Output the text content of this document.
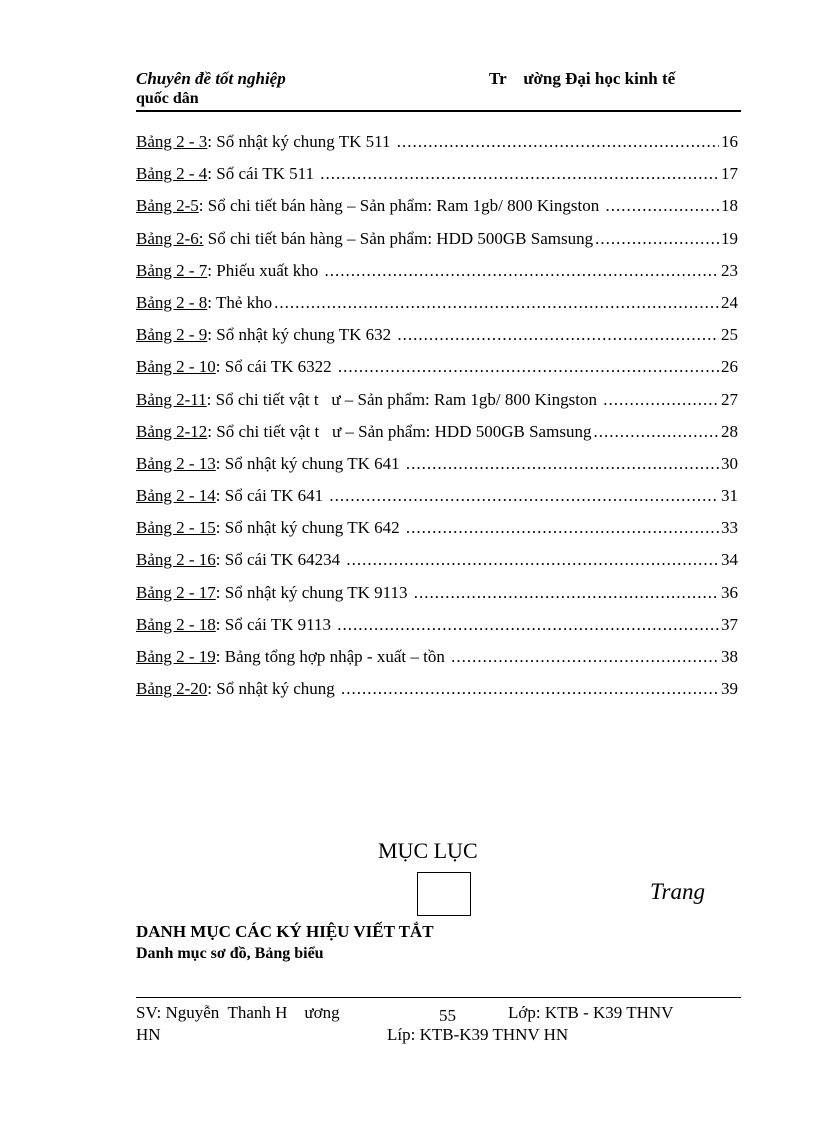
Chuyên đề tốt nghiệp	Tr    ường Đại học kinh tế
quốc dân
Bảng 2 - 3 : Sổ nhật ký chung TK 511 .....	16
Bảng 2 - 4 : Sổ cái TK 511 .....	17
Bảng 2-5 : Sổ chi tiết bán hàng – Sản phẩm: Ram 1gb/ 800 Kingston .....	18
Bảng 2-6: Sổ chi tiết bán hàng – Sản phẩm: HDD 500GB Samsung .....	19
Bảng 2 - 7 : Phiếu xuất kho .....	23
Bảng 2 - 8 : Thẻ kho .....	24
Bảng 2 - 9 : Sổ nhật ký chung TK 632 .....	25
Bảng 2 - 10 : Sổ cái TK 6322 .....	26
Bảng 2-11 : Sổ chi tiết vật t   ư – Sản phẩm: Ram 1gb/ 800 Kingston .....	27
Bảng 2-12 : Sổ chi tiết vật t   ư – Sản phẩm: HDD 500GB Samsung .....	28
Bảng 2 - 13 : Sổ nhật ký chung TK 641 .....	30
Bảng 2 - 14 : Sổ cái TK 641 .....	31
Bảng 2 - 15 : Sổ nhật ký chung TK 642 .....	33
Bảng 2 - 16 : Sổ cái TK 64234 .....	34
Bảng 2 - 17 : Sổ nhật ký chung TK 9113 .....	36
Bảng 2 - 18 : Sổ cái TK 9113 .....	37
Bảng 2 - 19 : Bảng tổng hợp nhập - xuất – tồn .....	38
Bảng 2-20 : Sổ nhật ký chung .....	39
MỤC LỤC
Trang
DANH MỤC CÁC KÝ HIỆU VIẾT TẮT
Danh mục sơ đồ, Bảng biểu
SV: Nguyễn  Thanh H    ương	55	Lớp: KTB - K39 THNV
HN	Líp: KTB-K39 THNV HN
